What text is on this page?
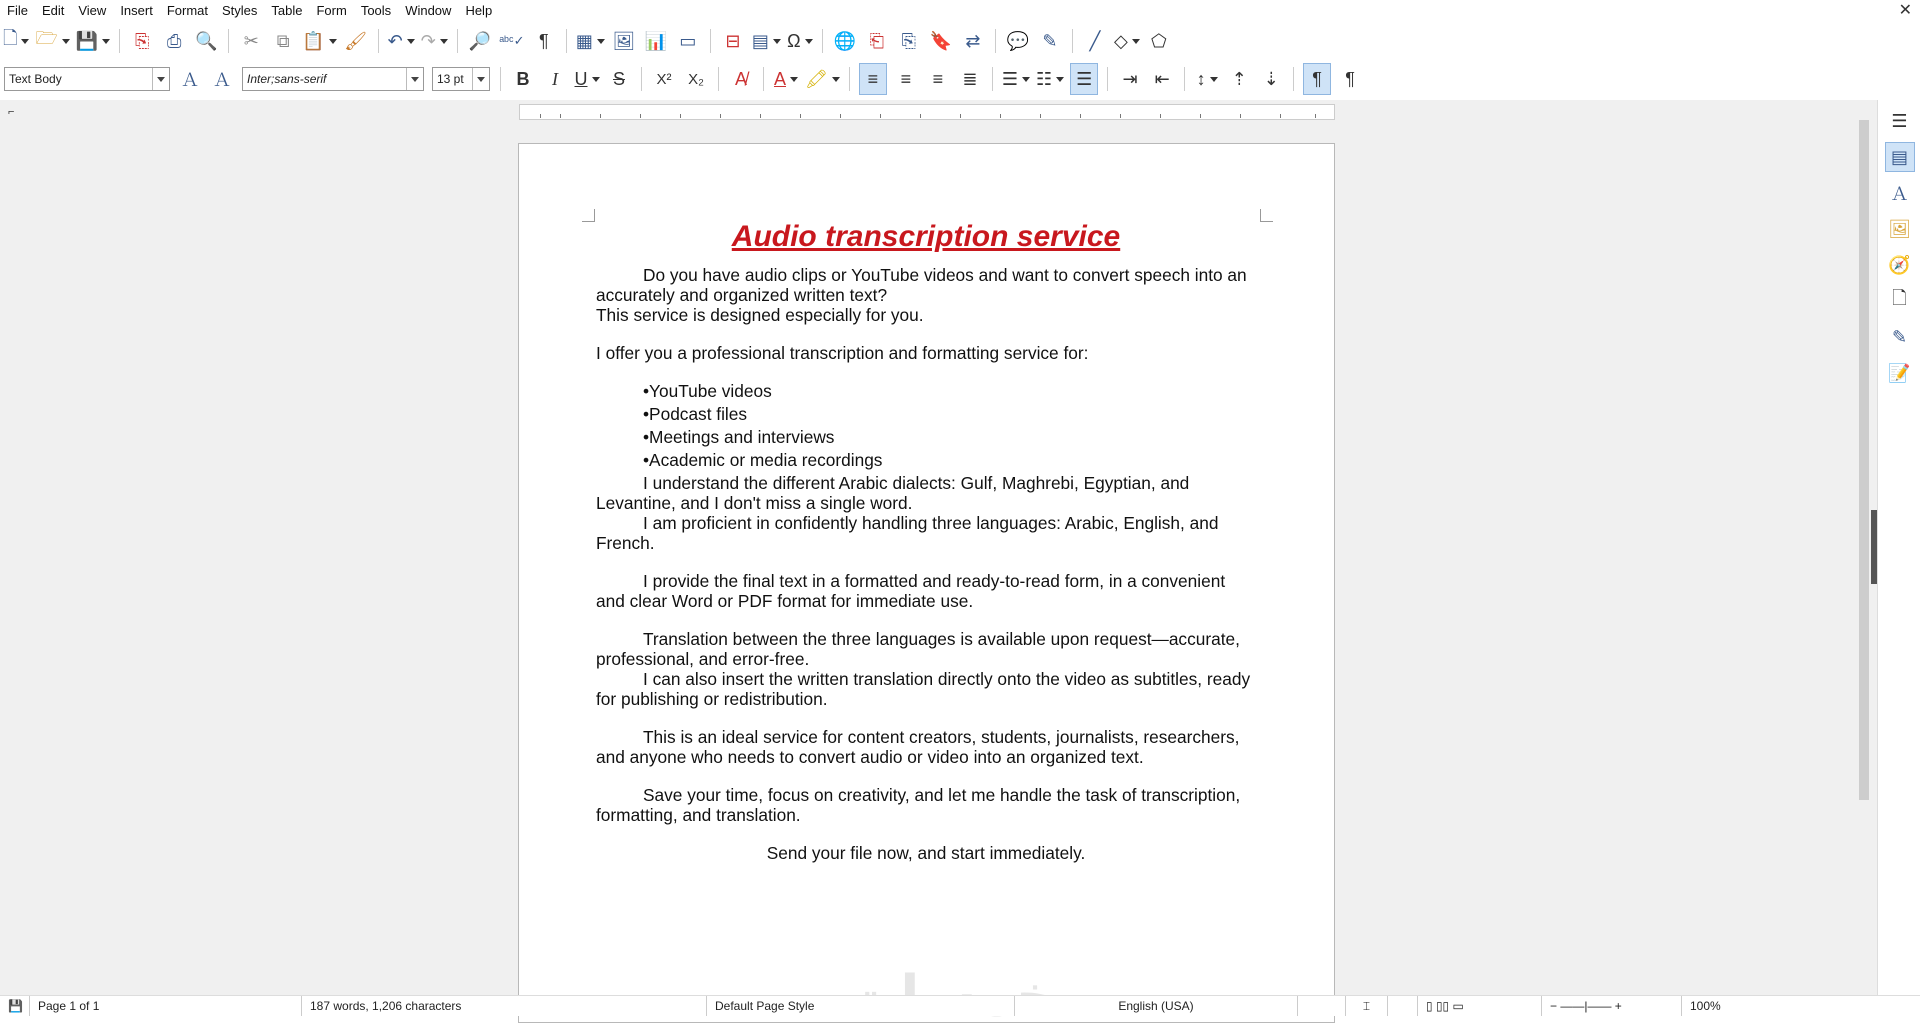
File	Edit	View	Insert	Format	Styles	Table	Form	Tools	Window	Help	✕
🗋	🗁	💾	⎘ ⎙ 🔍	✂	⧉ 📋	🖌 ↶	↷	🔎 ᵃᵇᶜ✓ ¶	▦	🖼 📊 ▭	⊟ ▤	Ω	🌐 ⎗ ⎘ 🔖 ⇄	💬 ✎	╱ ◇	⬠
Text Body	Ａ Ａ	Inter;sans-serif	13 pt	B	I U	S	X²	X₂	A̸	A	🖍	≡	≡	≡	≣	☰	☷	☰	⇥ ⇤	↕	⇡ ⇣	¶	¶
⌐
Audio transcription service

Do you have audio clips or YouTube videos and want to convert speech into an accurately and organized written text?

This service is designed especially for you.

I offer you a professional transcription and formatting service for:

•YouTube videos
•Podcast files
•Meetings and interviews
•Academic or media recordings

I understand the different Arabic dialects: Gulf, Maghrebi, Egyptian, and Levantine, and I don't miss a single word.

I am proficient in confidently handling three languages: Arabic, English, and French.

I provide the final text in a formatted and ready-to-read form, in a convenient and clear Word or PDF format for immediate use.

Translation between the three languages is available upon request—accurate, professional, and error-free.

I can also insert the written translation directly onto the video as subtitles, ready for publishing or redistribution.

This is an ideal service for content creators, students, journalists, researchers, and anyone who needs to convert audio or video into an organized text.

Save your time, focus on creativity, and let me handle the task of transcription, formatting, and translation.

Send your file now, and start immediately.

☰
▤
Ａ
🖼
🧭
🗋
✎
📝
💾	Page 1 of 1	187 words, 1,206 characters	Default Page Style	English (USA)	⌶	▯ ▯▯ ▭	− ——|—— +	100%
